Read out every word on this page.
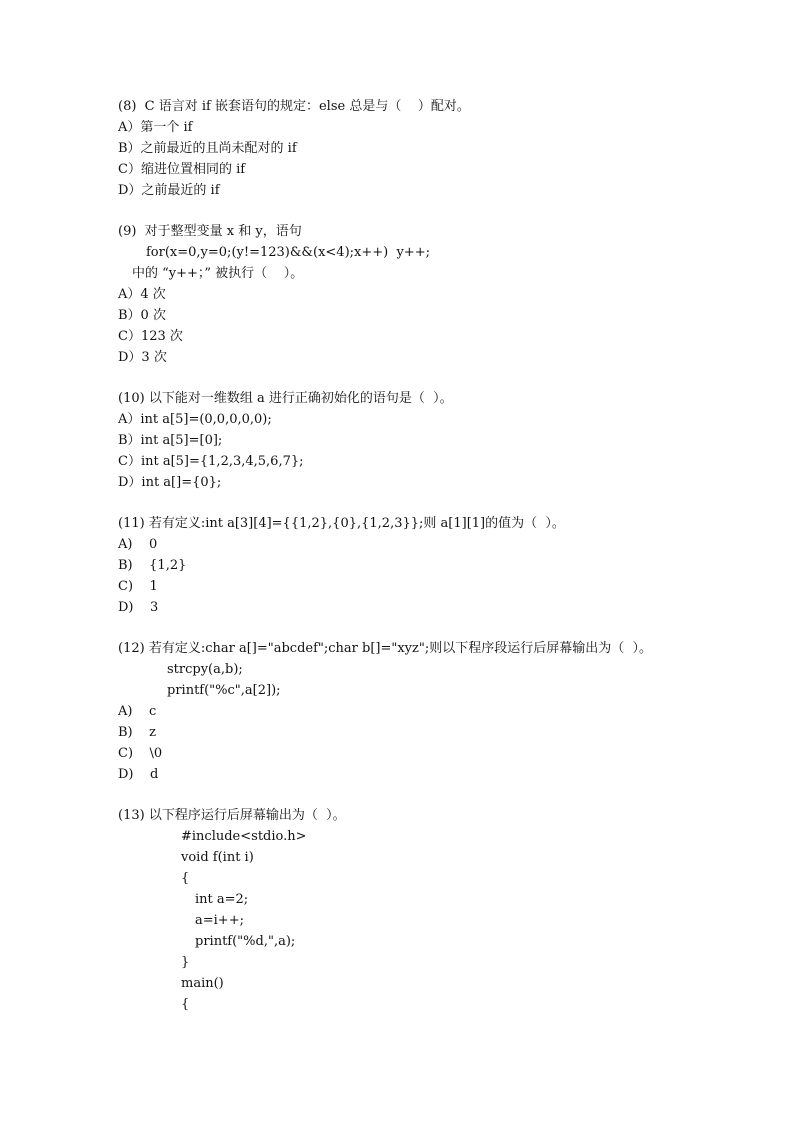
(8)  C 语言对 if 嵌套语句的规定：else 总是与（    ）配对。
A）第一个 if
B）之前最近的且尚未配对的 if
C）缩进位置相同的 if
D）之前最近的 if
(9)  对于整型变量 x 和 y，语句
for(x=0,y=0;(y!=123)&&(x<4);x++)  y++;
中的 “y++；” 被执行（    ）。
A）4 次
B）0 次
C）123 次
D）3 次
(10) 以下能对一维数组 a 进行正确初始化的语句是（  ）。
A）int a[5]=(0,0,0,0,0);
B）int a[5]=[0];
C）int a[5]={1,2,3,4,5,6,7};
D）int a[]={0};
(11) 若有定义:int a[3][4]={{1,2},{0},{1,2,3}};则 a[1][1]的值为（  ）。
A)    0
B)    {1,2}
C)    1
D)    3
(12) 若有定义:char a[]="abcdef";char b[]="xyz";则以下程序段运行后屏幕输出为（  ）。
strcpy(a,b);
printf("%c",a[2]);
A)    c
B)    z
C)    \0
D)    d
(13) 以下程序运行后屏幕输出为（  ）。
#include<stdio.h>
void f(int i)
{
int a=2;
a=i++;
printf("%d,",a);
}
main()
{
